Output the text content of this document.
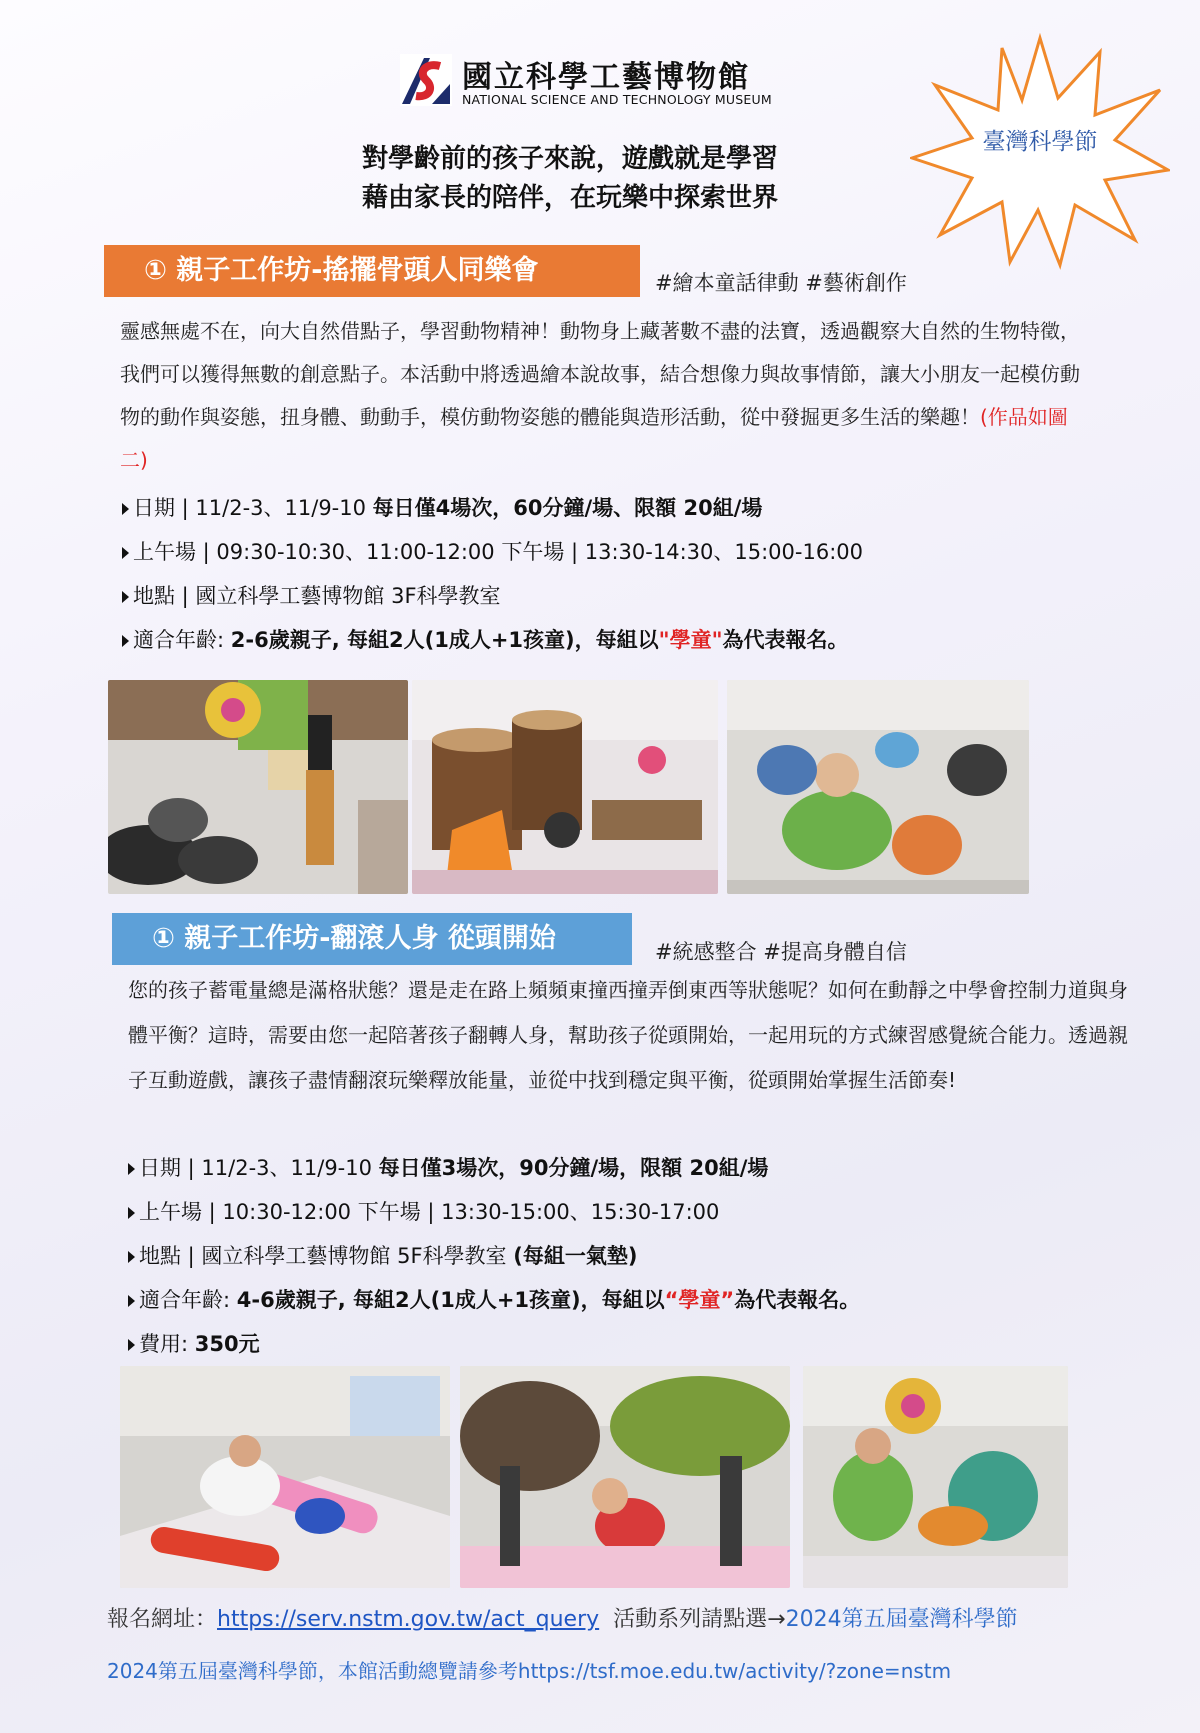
國立科學工藝博物館
NATIONAL SCIENCE AND TECHNOLOGY MUSEUM
臺灣科學節
對學齡前的孩子來說，遊戲就是學習
藉由家長的陪伴，在玩樂中探索世界
① 親子工作坊-搖擺骨頭人同樂會	#繪本童話律動 #藝術創作
靈感無處不在，向大自然借點子，學習動物精神！動物身上藏著數不盡的法寶，透過觀察大自然的生物特徵，我們可以獲得無數的創意點子。本活動中將透過繪本說故事，結合想像力與故事情節，讓大小朋友一起模仿動物的動作與姿態，扭身體、動動手，模仿動物姿態的體能與造形活動，從中發掘更多生活的樂趣！(作品如圖二)
日期 | 11/2-3、11/9-10 每日僅4場次，60分鐘/場、限額 20組/場
上午場 | 09:30-10:30、11:00-12:00 下午場 | 13:30-14:30、15:00-16:00
地點 | 國立科學工藝博物館 3F科學教室
適合年齡: 2-6歲親子, 每組2人(1成人+1孩童)，每組以"學童"為代表報名。
① 親子工作坊-翻滾人身 從頭開始	#統感整合 #提高身體自信
您的孩子蓄電量總是滿格狀態？還是走在路上頻頻東撞西撞弄倒東西等狀態呢？如何在動靜之中學會控制力道與身體平衡？這時，需要由您一起陪著孩子翻轉人身，幫助孩子從頭開始，一起用玩的方式練習感覺統合能力。透過親子互動遊戲，讓孩子盡情翻滾玩樂釋放能量，並從中找到穩定與平衡，從頭開始掌握生活節奏!
日期 | 11/2-3、11/9-10 每日僅3場次，90分鐘/場，限額 20組/場
上午場 | 10:30-12:00 下午場 | 13:30-15:00、15:30-17:00
地點 | 國立科學工藝博物館 5F科學教室 (每組一氣墊)
適合年齡: 4-6歲親子, 每組2人(1成人+1孩童)，每組以“學童”為代表報名。
費用: 350元
報名網址：https://serv.nstm.gov.tw/act_query 活動系列請點選→2024第五屆臺灣科學節
2024第五屆臺灣科學節，本館活動總覽請參考https://tsf.moe.edu.tw/activity/?zone=nstm
